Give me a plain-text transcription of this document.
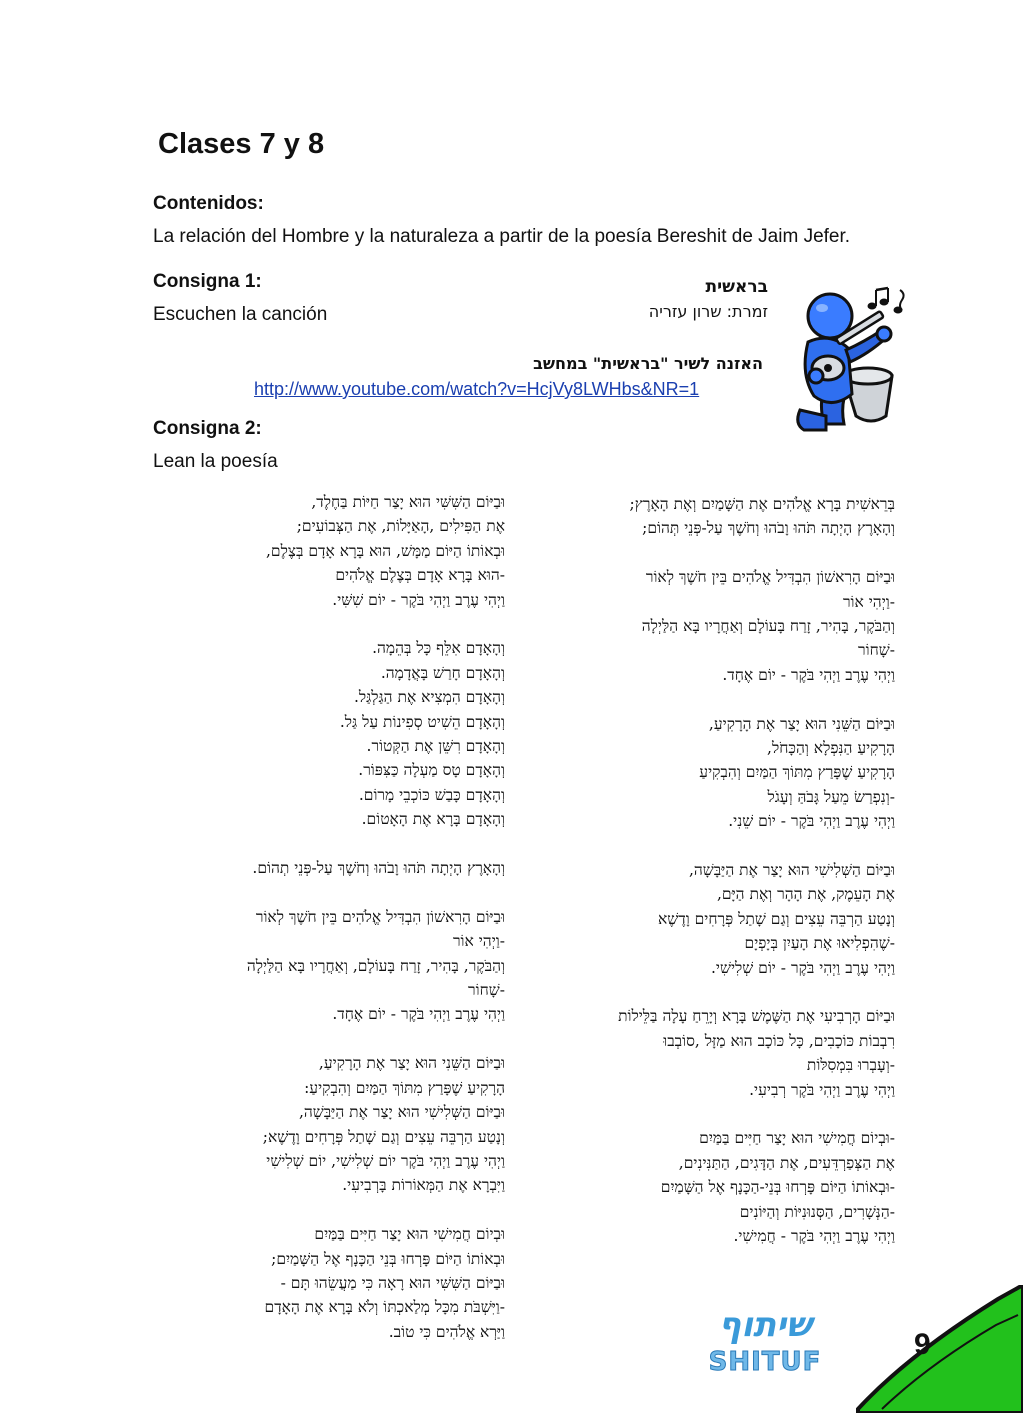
Clases 7 y 8
Contenidos:
La relación del Hombre y la naturaleza a partir de la poesía Bereshit de Jaim Jefer.
Consigna 1:
Escuchen la canción
בראשית
זמרת: שרון עזריה
האזנה לשיר "בראשית" במחשב
http://www.youtube.com/watch?v=HcjVy8LWHbs&NR=1
Consigna 2:
Lean la poesía
בְּרֵאשִׁית בָּרָא אֱלֹהִים אֶת הַשָּׁמַיִם וְאֶת הָאָרֶץ;
וְהָאָרֶץ הָיְתָה תֹּהוּ וָבֹהוּ וְחֹשֶׁךְ עַל-פְּנֵי תְּהוֹם;
וּבַיּוֹם הָרִאשׁוֹן הִבְדִּיל אֱלֹהִים בֵּין חֹשֶׁךְ לְאוֹר
-וַיְהִי אוֹר
וְהַבֹּקֶר, בָּהִיר, זָרַח בָּעוֹלָם וְאַחֲרָיו בָּא הַלַּיְלָה
-שָׁחוֹר
וַיְהִי עֶרֶב וַיְהִי בֹּקֶר - יוֹם אֶחָד.
וּבַיּוֹם הַשֵּׁנִי הוּא יָצַר אֶת הָרָקִיעַ,
הָרָקִיעַ הַנִּפְלָא וְהַכָּחֹל,
הָרָקִיעַ שֶׁפָּרַץ מִתּוֹךְ הַמַּיִם וְהִבְקִיעַ
-וְנִפְרַשׂ מֵעַל גָּבֹהַּ וְעָגֹל
וַיְהִי עֶרֶב וַיְהִי בֹּקֶר - יוֹם שֵׁנִי.
וּבַיּוֹם הַשְּׁלִישִׁי הוּא יָצַר אֶת הַיַּבָּשָׁה,
אֶת הָעֵמֶק, אֶת הָהָר וְאֶת הַיָּם,
וְנָטַע הַרְבֵּה עֵצִים וְגַם שָׁתַל פְּרָחִים וָדֶשֶׁא
-שֶׁהִפְלִיאוּ אֶת הָעַיִן בְּיָפְיָם
וַיְהִי עֶרֶב וַיְהִי בֹּקֶר - יוֹם שְׁלִישִׁי.
וּבַיּוֹם הָרְבִיעִי אֶת הַשֶּׁמֶשׁ בָּרָא וְיָרֵחַ עָלָה בַּלֵּילוֹת
רִבְבוֹת כּוֹכָבִים, כָּל כּוֹכָב הוּא מַזָּל ,סוֹבְבוּ
-וְעָבְרוּ בִּמְסִלּוֹת
וַיְהִי עֶרֶב וַיְהִי בֹּקֶר רְבִיעִי.
-וּבְיוֹם חֲמִישִׁי הוּא יָצַר חַיִּים בַּמַּיִם
אֶת הַצְּפַרְדֵּעִים, אֶת הַדָּגִים, הַתַּנִּינִים,
-וּבְאוֹתוֹ הַיּוֹם פָּרְחוּ בְּנֵי-הַכָּנָף אֶל הַשָּׁמַיִם
-הַנְּשָׁרִים, הַסְּנוּנִיּוֹת וְהַיּוֹנִים
וַיְהִי עֶרֶב וַיְהִי בֹּקֶר - חֲמִישִׁי.
וּבַיּוֹם הַשִּׁשִּׁי הוּא יָצַר חַיּוֹת בַּחֶלֶד,
אֶת הַפִּילִים ,הָאַיָּלוֹת, אֶת הַצְּבוֹעִים;
וּבְאוֹתוֹ הַיּוֹם מַמָּשׁ, הוּא בָּרָא אָדָם בְּצֶלֶם,
-הוּא בָּרָא אָדָם בְּצֶלֶם אֱלֹהִים
וַיְהִי עֶרֶב וַיְהִי בֹּקֶר - יוֹם שִׁשִּׁי.
וְהָאָדָם אִלֵּף כָּל בְּהֵמָה.
וְהָאָדָם חָרַשׁ בָּאֲדָמָה.
וְהָאָדָם הִמְצִיא אֶת הַגַּלְגַּל.
וְהָאָדָם הֵשִׁיט סְפִינוֹת עַל גַּל.
וְהָאָדָם רִשֵּׁן אֶת הַקְּטוֹר.
וְהָאָדָם טָס מַעְלָה כַּצִּפּוֹר.
וְהָאָדָם כָּבַשׁ כּוֹכְבֵי מָרוֹם.
וְהָאָדָם בָּרָא אֶת הָאָטוֹם.
וְהָאָרֶץ הָיְתָה תֹּהוּ וָבֹהוּ וְחֹשֶׁךְ עַל-פְּנֵי תְהוֹם.
וּבַיּוֹם הָרִאשׁוֹן הִבְדִּיל אֱלֹהִים בֵּין חֹשֶׁךְ לְאוֹר
-וַיְהִי אוֹר
וְהַבֹּקֶר, בָּהִיר, זָרַח בָּעוֹלָם, וְאַחֲרָיו בָּא הַלַּיְלָה
-שָׁחוֹר
וַיְהִי עֶרֶב וַיְהִי בֹּקֶר - יוֹם אֶחָד.
וּבַיּוֹם הַשֵּׁנִי הוּא יָצַר אֶת הָרָקִיעַ,
הָרָקִיעַ שֶׁפָּרַץ מִתּוֹךְ הַמַּיִם וְהִבְקִיעַ:
וּבַיּוֹם הַשְּׁלִישִׁי הוּא יָצַר אֶת הַיַּבָּשָׁה,
וְנָטַע הַרְבֵּה עֵצִים וְגַם שָׁתַל פְּרָחִים וָדֶשֶׁא;
וַיְהִי עֶרֶב וַיְהִי בֹּקֶר יוֹם שְׁלִישִׁי, יוֹם שְׁלִישִׁי
וַיִּבְרָא אֶת הַמְּאוֹרוֹת בָּרְבִיעִי.
וּבְיוֹם חֲמִישִׁי הוּא יָצַר חַיִּים בַּמַּיִם
וּבְאוֹתוֹ הַיּוֹם פָּרְחוּ בְּנֵי הַכָּנָף אֶל הַשָּׁמַיִם;
וּבַיּוֹם הַשִּׁשִּׁי הוּא רָאָה כִּי מַעֲשֵׂהוּ תָּם -
-וַיִּשְׁבֹּת מִכָּל מְלַאכְתּוֹ וְלֹא בָּרָא אֶת הָאָדָם
וַיַּרְא אֱלֹהִים כִּי טוֹב.	שיתוף
SHITUF
9
